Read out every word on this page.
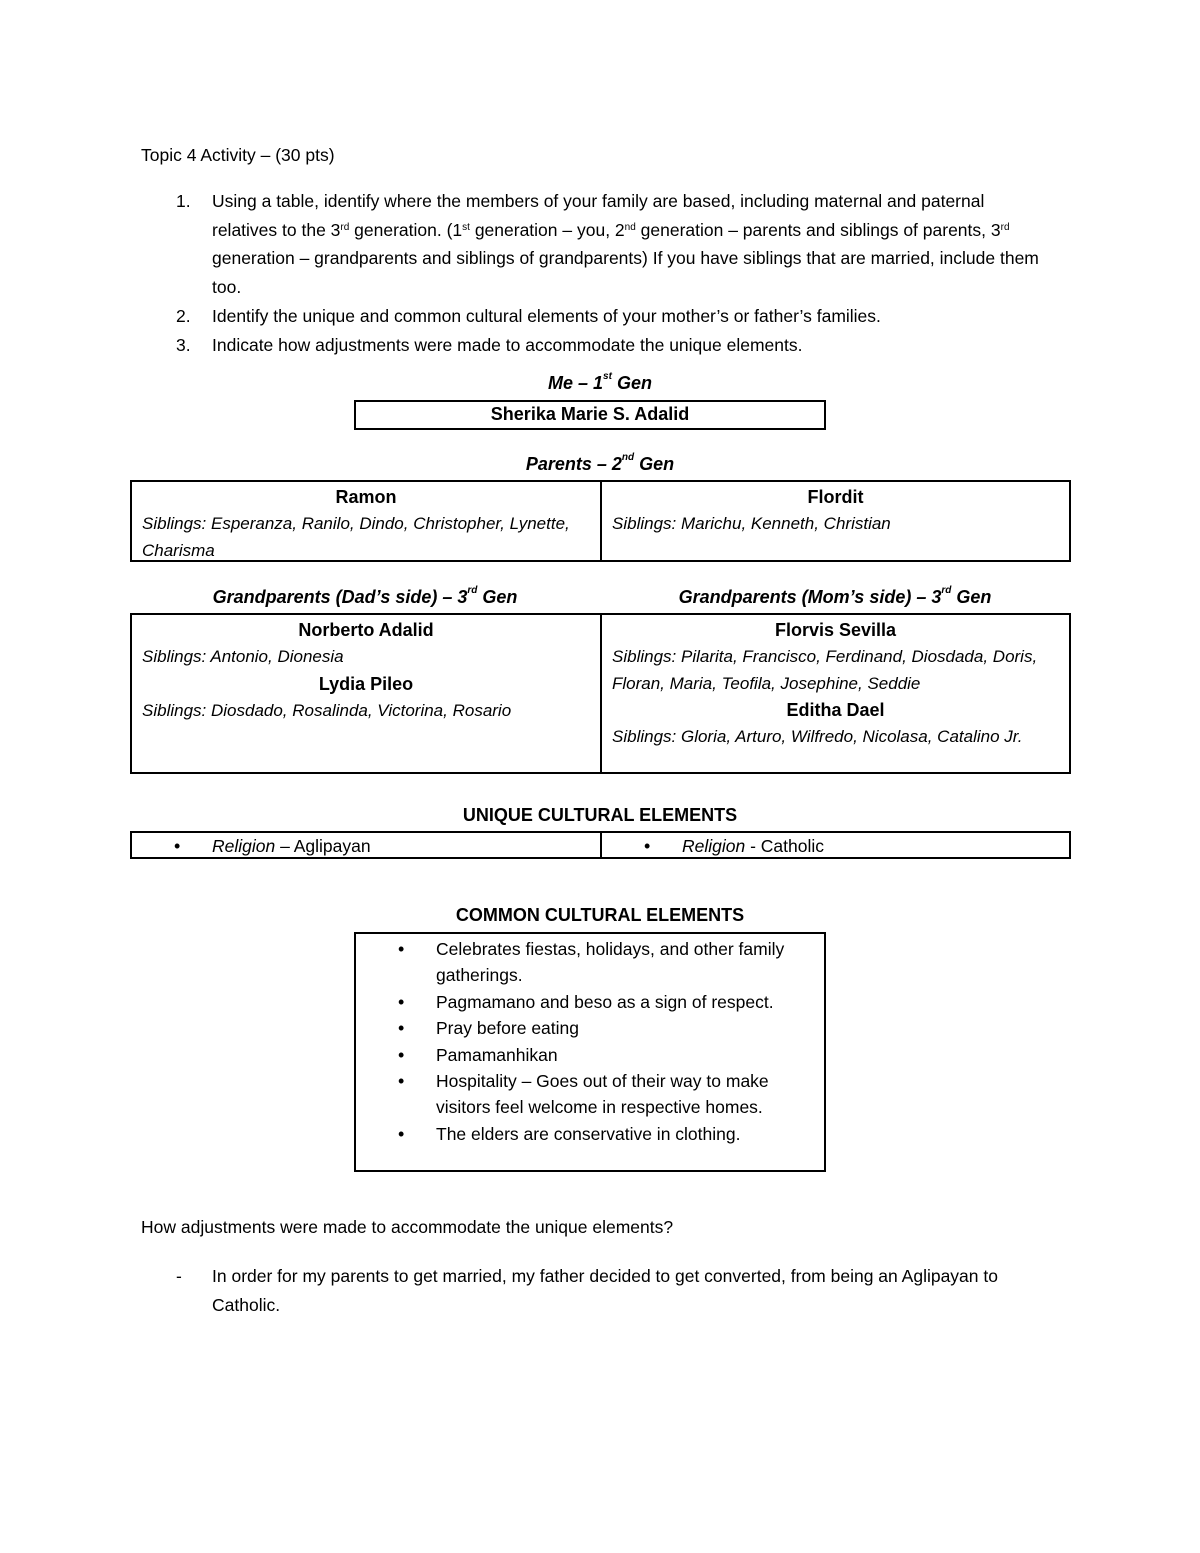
Topic 4 Activity – (30 pts)
1. Using a table, identify where the members of your family are based, including maternal and paternal relatives to the 3rd generation. (1st generation – you, 2nd generation – parents and siblings of parents, 3rd generation – grandparents and siblings of grandparents) If you have siblings that are married, include them too.
2. Identify the unique and common cultural elements of your mother’s or father’s families.
3. Indicate how adjustments were made to accommodate the unique elements.
Me – 1st Gen
Sherika Marie S. Adalid
Parents – 2nd Gen
Ramon
Siblings: Esperanza, Ranilo, Dindo, Christopher, Lynette, Charisma
Flordit
Siblings: Marichu, Kenneth, Christian
Grandparents (Dad’s side) – 3rd Gen	Grandparents (Mom’s side) – 3rd Gen
Norberto Adalid
Siblings: Antonio, Dionesia
Lydia Pileo
Siblings: Diosdado, Rosalinda, Victorina, Rosario
Florvis Sevilla
Siblings: Pilarita, Francisco, Ferdinand, Diosdada, Doris, Floran, Maria, Teofila, Josephine, Seddie
Editha Dael
Siblings: Gloria, Arturo, Wilfredo, Nicolasa, Catalino Jr.
UNIQUE CULTURAL ELEMENTS
• Religion – Aglipayan
•	Religion - Catholic
COMMON CULTURAL ELEMENTS
• Celebrates fiestas, holidays, and other family gatherings.
• Pagmamano and beso as a sign of respect.
• Pray before eating
• Pamamanhikan
• Hospitality – Goes out of their way to make visitors feel welcome in respective homes.
• The elders are conservative in clothing.
How adjustments were made to accommodate the unique elements?
- In order for my parents to get married, my father decided to get converted, from being an Aglipayan to Catholic.
